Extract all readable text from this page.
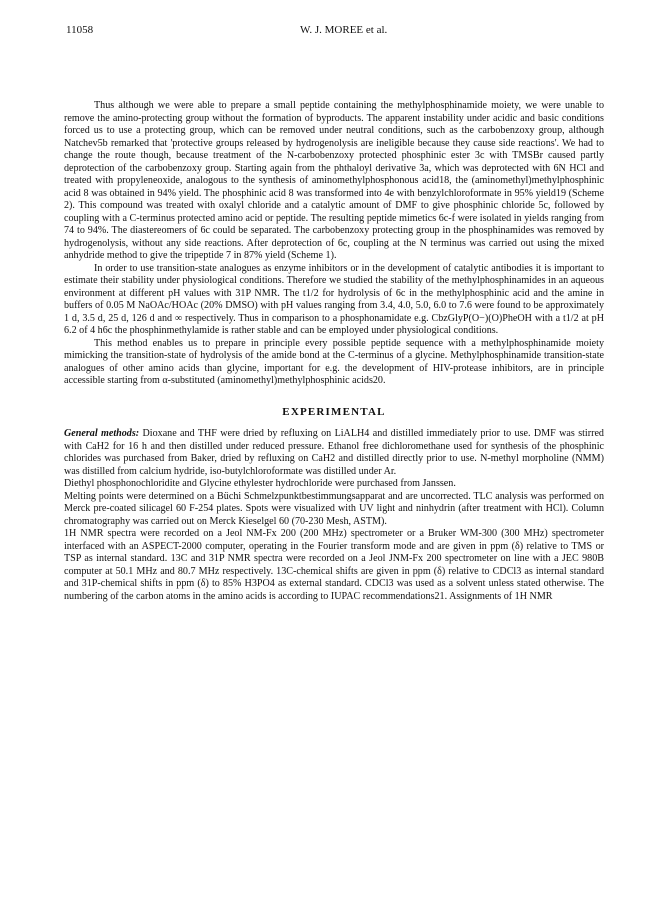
11058	W. J. MOREE et al.

Thus although we were able to prepare a small peptide containing the methylphosphinamide moiety, we were unable to remove the amino-protecting group without the formation of byproducts. The apparent instability under acidic and basic conditions forced us to use a protecting group, which can be removed under neutral conditions, such as the carbobenzoxy group, although Natchev5b remarked that 'protective groups released by hydrogenolysis are ineligible because they cause side reactions'. We had to change the route though, because treatment of the N-carbobenzoxy protected phosphinic ester 3c with TMSBr caused partly deprotection of the carbobenzoxy group. Starting again from the phthaloyl derivative 3a, which was deprotected with 6N HCl and treated with propyleneoxide, analogous to the synthesis of aminomethylphosphonous acid18, the (aminomethyl)methylphosphinic acid 8 was obtained in 94% yield. The phosphinic acid 8 was transformed into 4e with benzylchloroformate in 95% yield19 (Scheme 2). This compound was treated with oxalyl chloride and a catalytic amount of DMF to give phosphinic chloride 5c, followed by coupling with a C-terminus protected amino acid or peptide. The resulting peptide mimetics 6c-f were isolated in yields ranging from 74 to 94%. The diastereomers of 6c could be separated. The carbobenzoxy protecting group in the phosphinamides was removed by hydrogenolysis, without any side reactions. After deprotection of 6c, coupling at the N terminus was carried out using the mixed anhydride method to give the tripeptide 7 in 87% yield (Scheme 1).

In order to use transition-state analogues as enzyme inhibitors or in the development of catalytic antibodies it is important to estimate their stability under physiological conditions. Therefore we studied the stability of the methylphosphinamides in an aqueous environment at different pH values with 31P NMR. The t1/2 for hydrolysis of 6c in the methylphosphinic acid and the amine in buffers of 0.05 M NaOAc/HOAc (20% DMSO) with pH values ranging from 3.4, 4.0, 5.0, 6.0 to 7.6 were found to be approximately 1 d, 3.5 d, 25 d, 126 d and ∞ respectively. Thus in comparison to a phosphonamidate e.g. CbzGlyP(O−)(O)PheOH with a t1/2 at pH 6.2 of 4 h6c the phosphinmethylamide is rather stable and can be employed under physiological conditions.

This method enables us to prepare in principle every possible peptide sequence with a methylphosphinamide moiety mimicking the transition-state of hydrolysis of the amide bond at the C-terminus of a glycine. Methylphosphinamide transition-state analogues of other amino acids than glycine, important for e.g. the development of HIV-protease inhibitors, are in principle accessible starting from α-substituted (aminomethyl)methylphosphinic acids20.

EXPERIMENTAL

General methods: Dioxane and THF were dried by refluxing on LiALH4 and distilled immediately prior to use. DMF was stirred with CaH2 for 16 h and then distilled under reduced pressure. Ethanol free dichloromethane used for synthesis of the phosphinic chlorides was purchased from Baker, dried by refluxing on CaH2 and distilled directly prior to use. N-methyl morpholine (NMM) was distilled from calcium hydride, iso-butylchloroformate was distilled under Ar.

Diethyl phosphonochloridite and Glycine ethylester hydrochloride were purchased from Janssen.

Melting points were determined on a Büchi Schmelzpunktbestimmungsapparat and are uncorrected. TLC analysis was performed on Merck pre-coated silicagel 60 F-254 plates. Spots were visualized with UV light and ninhydrin (after treatment with HCl). Column chromatography was carried out on Merck Kieselgel 60 (70-230 Mesh, ASTM).

1H NMR spectra were recorded on a Jeol NM-Fx 200 (200 MHz) spectrometer or a Bruker WM-300 (300 MHz) spectrometer interfaced with an ASPECT-2000 computer, operating in the Fourier transform mode and are given in ppm (δ) relative to TMS or TSP as internal standard. 13C and 31P NMR spectra were recorded on a Jeol JNM-Fx 200 spectrometer on line with a JEC 980B computer at 50.1 MHz and 80.7 MHz respectively. 13C-chemical shifts are given in ppm (δ) relative to CDCl3 as internal standard and 31P-chemical shifts in ppm (δ) to 85% H3PO4 as external standard. CDCl3 was used as a solvent unless stated otherwise. The numbering of the carbon atoms in the amino acids is according to IUPAC recommendations21. Assignments of 1H NMR
